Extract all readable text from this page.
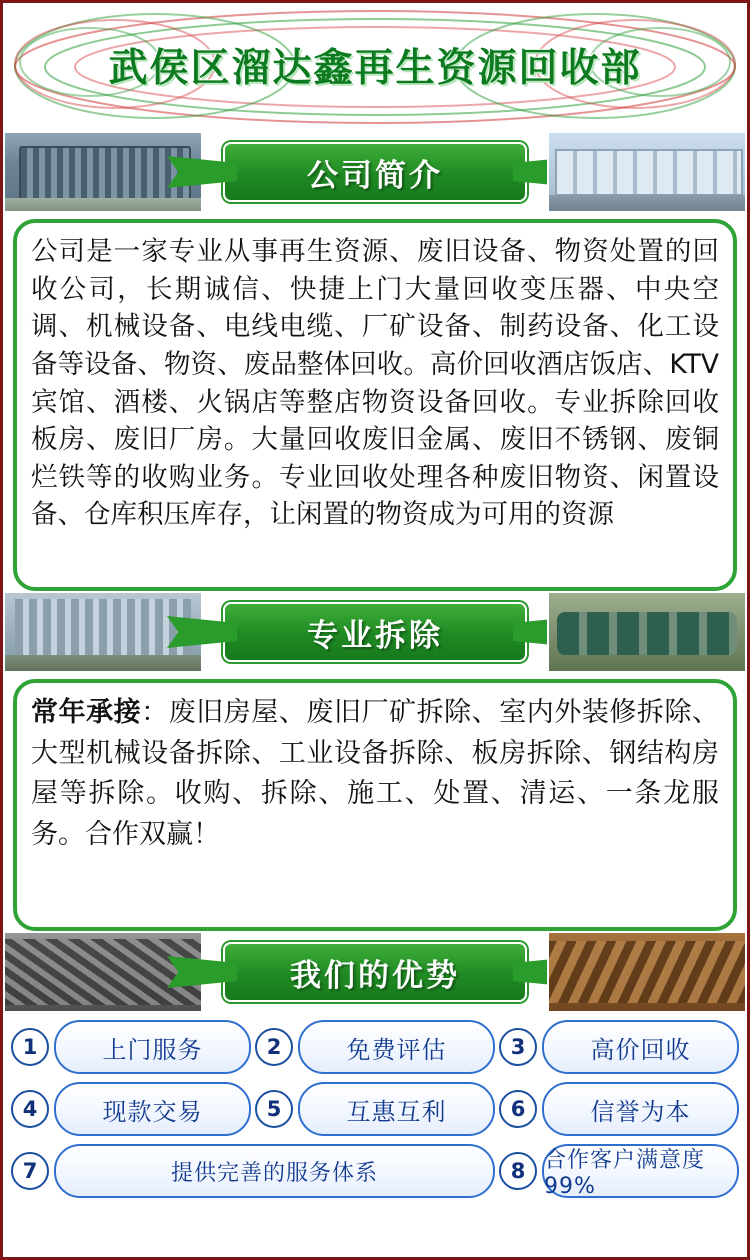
武侯区溜达鑫再生资源回收部
公司简介

公司是一家专业从事再生资源、废旧设备、物资处置的回收公司，长期诚信、快捷上门大量回收变压器、中央空调、机械设备、电线电缆、厂矿设备、制药设备、化工设备等设备、物资、废品整体回收。高价回收酒店饭店、KTV宾馆、酒楼、火锅店等整店物资设备回收。专业拆除回收板房、废旧厂房。大量回收废旧金属、废旧不锈钢、废铜烂铁等的收购业务。专业回收处理各种废旧物资、闲置设备、仓库积压库存，让闲置的物资成为可用的资源

专业拆除

常年承接：废旧房屋、废旧厂矿拆除、室内外装修拆除、大型机械设备拆除、工业设备拆除、板房拆除、钢结构房屋等拆除。收购、拆除、施工、处置、清运、一条龙服务。合作双赢！

我们的优势
1	上门服务	2	免费评估	3	高价回收
4	现款交易	5	互惠互利	6	信誉为本
7	提供完善的服务体系	8 合作客户满意度99%
